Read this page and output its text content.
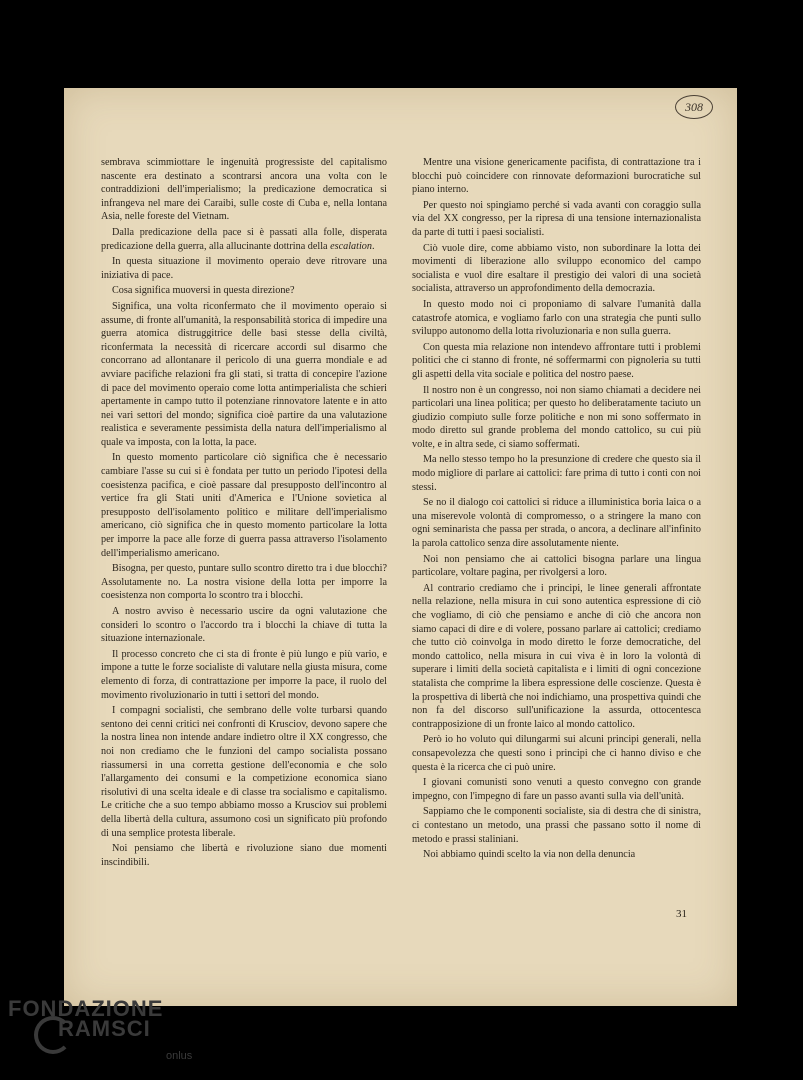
308

sembrava scimmiottare le ingenuità progressiste del capitalismo nascente era destinato a scontrarsi ancora una volta con le contraddizioni dell'imperialismo; la predicazione democratica si infrangeva nel mare dei Caraibi, sulle coste di Cuba e, nella lontana Asia, nelle foreste del Vietnam.

Dalla predicazione della pace si è passati alla folle, disperata predicazione della guerra, alla allucinante dottrina della escalation.

In questa situazione il movimento operaio deve ritrovare una iniziativa di pace.

Cosa significa muoversi in questa direzione?

Significa, una volta riconfermato che il movimento operaio si assume, di fronte all'umanità, la responsabilità storica di impedire una guerra atomica distruggitrice delle basi stesse della civiltà, riconfermata la necessità di ricercare accordi sul disarmo che concorrano ad allontanare il pericolo di una guerra mondiale e ad avviare pacifiche relazioni fra gli stati, si tratta di concepire l'azione di pace del movimento operaio come lotta antimperialista che schieri apertamente in campo tutto il potenziane rinnovatore latente e in atto nei vari settori del mondo; significa cioè partire da una valutazione realistica e severamente pessimista della natura dell'imperialismo al quale va imposta, con la lotta, la pace.

In questo momento particolare ciò significa che è necessario cambiare l'asse su cui si è fondata per tutto un periodo l'ipotesi della coesistenza pacifica, e cioè passare dal presupposto dell'incontro al vertice fra gli Stati uniti d'America e l'Unione sovietica al presupposto dell'isolamento politico e militare dell'imperialismo americano, ciò significa che in questo momento particolare la lotta per imporre la pace alle forze di guerra passa attraverso l'isolamento dell'imperialismo americano.

Bisogna, per questo, puntare sullo scontro diretto tra i due blocchi? Assolutamente no. La nostra visione della lotta per imporre la coesistenza non comporta lo scontro tra i blocchi.

A nostro avviso è necessario uscire da ogni valutazione che consideri lo scontro o l'accordo tra i blocchi la chiave di tutta la situazione internazionale.

Il processo concreto che ci sta di fronte è più lungo e più vario, e impone a tutte le forze socialiste di valutare nella giusta misura, come elemento di forza, di contrattazione per imporre la pace, il ruolo del movimento rivoluzionario in tutti i settori del mondo.

I compagni socialisti, che sembrano delle volte turbarsi quando sentono dei cenni critici nei confronti di Krusciov, devono sapere che la nostra linea non intende andare indietro oltre il XX congresso, che noi non crediamo che le funzioni del campo socialista possano riassumersi in una corretta gestione dell'economia e che solo l'allargamento dei consumi e la competizione economica siano risolutivi di una scelta ideale e di classe tra socialismo e capitalismo. Le critiche che a suo tempo abbiamo mosso a Krusciov sui problemi della libertà della cultura, assumono così un significato più profondo di una semplice protesta liberale.

Noi pensiamo che libertà e rivoluzione siano due momenti inscindibili.

Mentre una visione genericamente pacifista, di contrattazione tra i blocchi può coincidere con rinnovate deformazioni burocratiche sul piano interno.

Per questo noi spingiamo perché si vada avanti con coraggio sulla via del XX congresso, per la ripresa di una tensione internazionalista da parte di tutti i paesi socialisti.

Ciò vuole dire, come abbiamo visto, non subordinare la lotta dei movimenti di liberazione allo sviluppo economico del campo socialista e vuol dire esaltare il prestigio dei valori di una società socialista, attraverso un approfondimento della democrazia.

In questo modo noi ci proponiamo di salvare l'umanità dalla catastrofe atomica, e vogliamo farlo con una strategia che punti sullo sviluppo autonomo della lotta rivoluzionaria e non sulla guerra.

Con questa mia relazione non intendevo affrontare tutti i problemi politici che ci stanno di fronte, né soffermarmi con pignoleria su tutti gli aspetti della vita sociale e politica del nostro paese.

Il nostro non è un congresso, noi non siamo chiamati a decidere nei particolari una linea politica; per questo ho deliberatamente taciuto un giudizio compiuto sulle forze politiche e non mi sono soffermato in modo diretto sul grande problema del mondo cattolico, su cui più volte, e in altra sede, ci siamo soffermati.

Ma nello stesso tempo ho la presunzione di credere che questo sia il modo migliore di parlare ai cattolici: fare prima di tutto i conti con noi stessi.

Se no il dialogo coi cattolici si riduce a illuministica boria laica o a una miserevole volontà di compromesso, o a stringere la mano con ogni seminarista che passa per strada, o ancora, a declinare all'infinito la parola cattolico senza dire assolutamente niente.

Noi non pensiamo che ai cattolici bisogna parlare una lingua particolare, voltare pagina, per rivolgersi a loro.

Al contrario crediamo che i principi, le linee generali affrontate nella relazione, nella misura in cui sono autentica espressione di ciò che vogliamo, di ciò che pensiamo e anche di ciò che ancora non siamo capaci di dire e di volere, possano parlare ai cattolici; crediamo che tutto ciò coinvolga in modo diretto le forze democratiche, del mondo cattolico, nella misura in cui viva è in loro la volontà di superare i limiti della società capitalista e i limiti di ogni concezione statalista che comprime la libera espressione delle coscienze. Questa è la prospettiva di libertà che noi indichiamo, una prospettiva quindi che non fa del discorso sull'unificazione la assurda, ottocentesca contrapposizione di un fronte laico al mondo cattolico.

Però io ho voluto qui dilungarmi sui alcuni principi generali, nella consapevolezza che questi sono i principi che ci hanno diviso e che questa è la ricerca che ci può unire.

I giovani comunisti sono venuti a questo convegno con grande impegno, con l'impegno di fare un passo avanti sulla via dell'unità.

Sappiamo che le componenti socialiste, sia di destra che di sinistra, ci contestano un metodo, una prassi che passano sotto il nome di metodo e prassi staliniani.

Noi abbiamo quindi scelto la via non della denuncia

31
FONDAZIONE
RAMSCI
onlus
